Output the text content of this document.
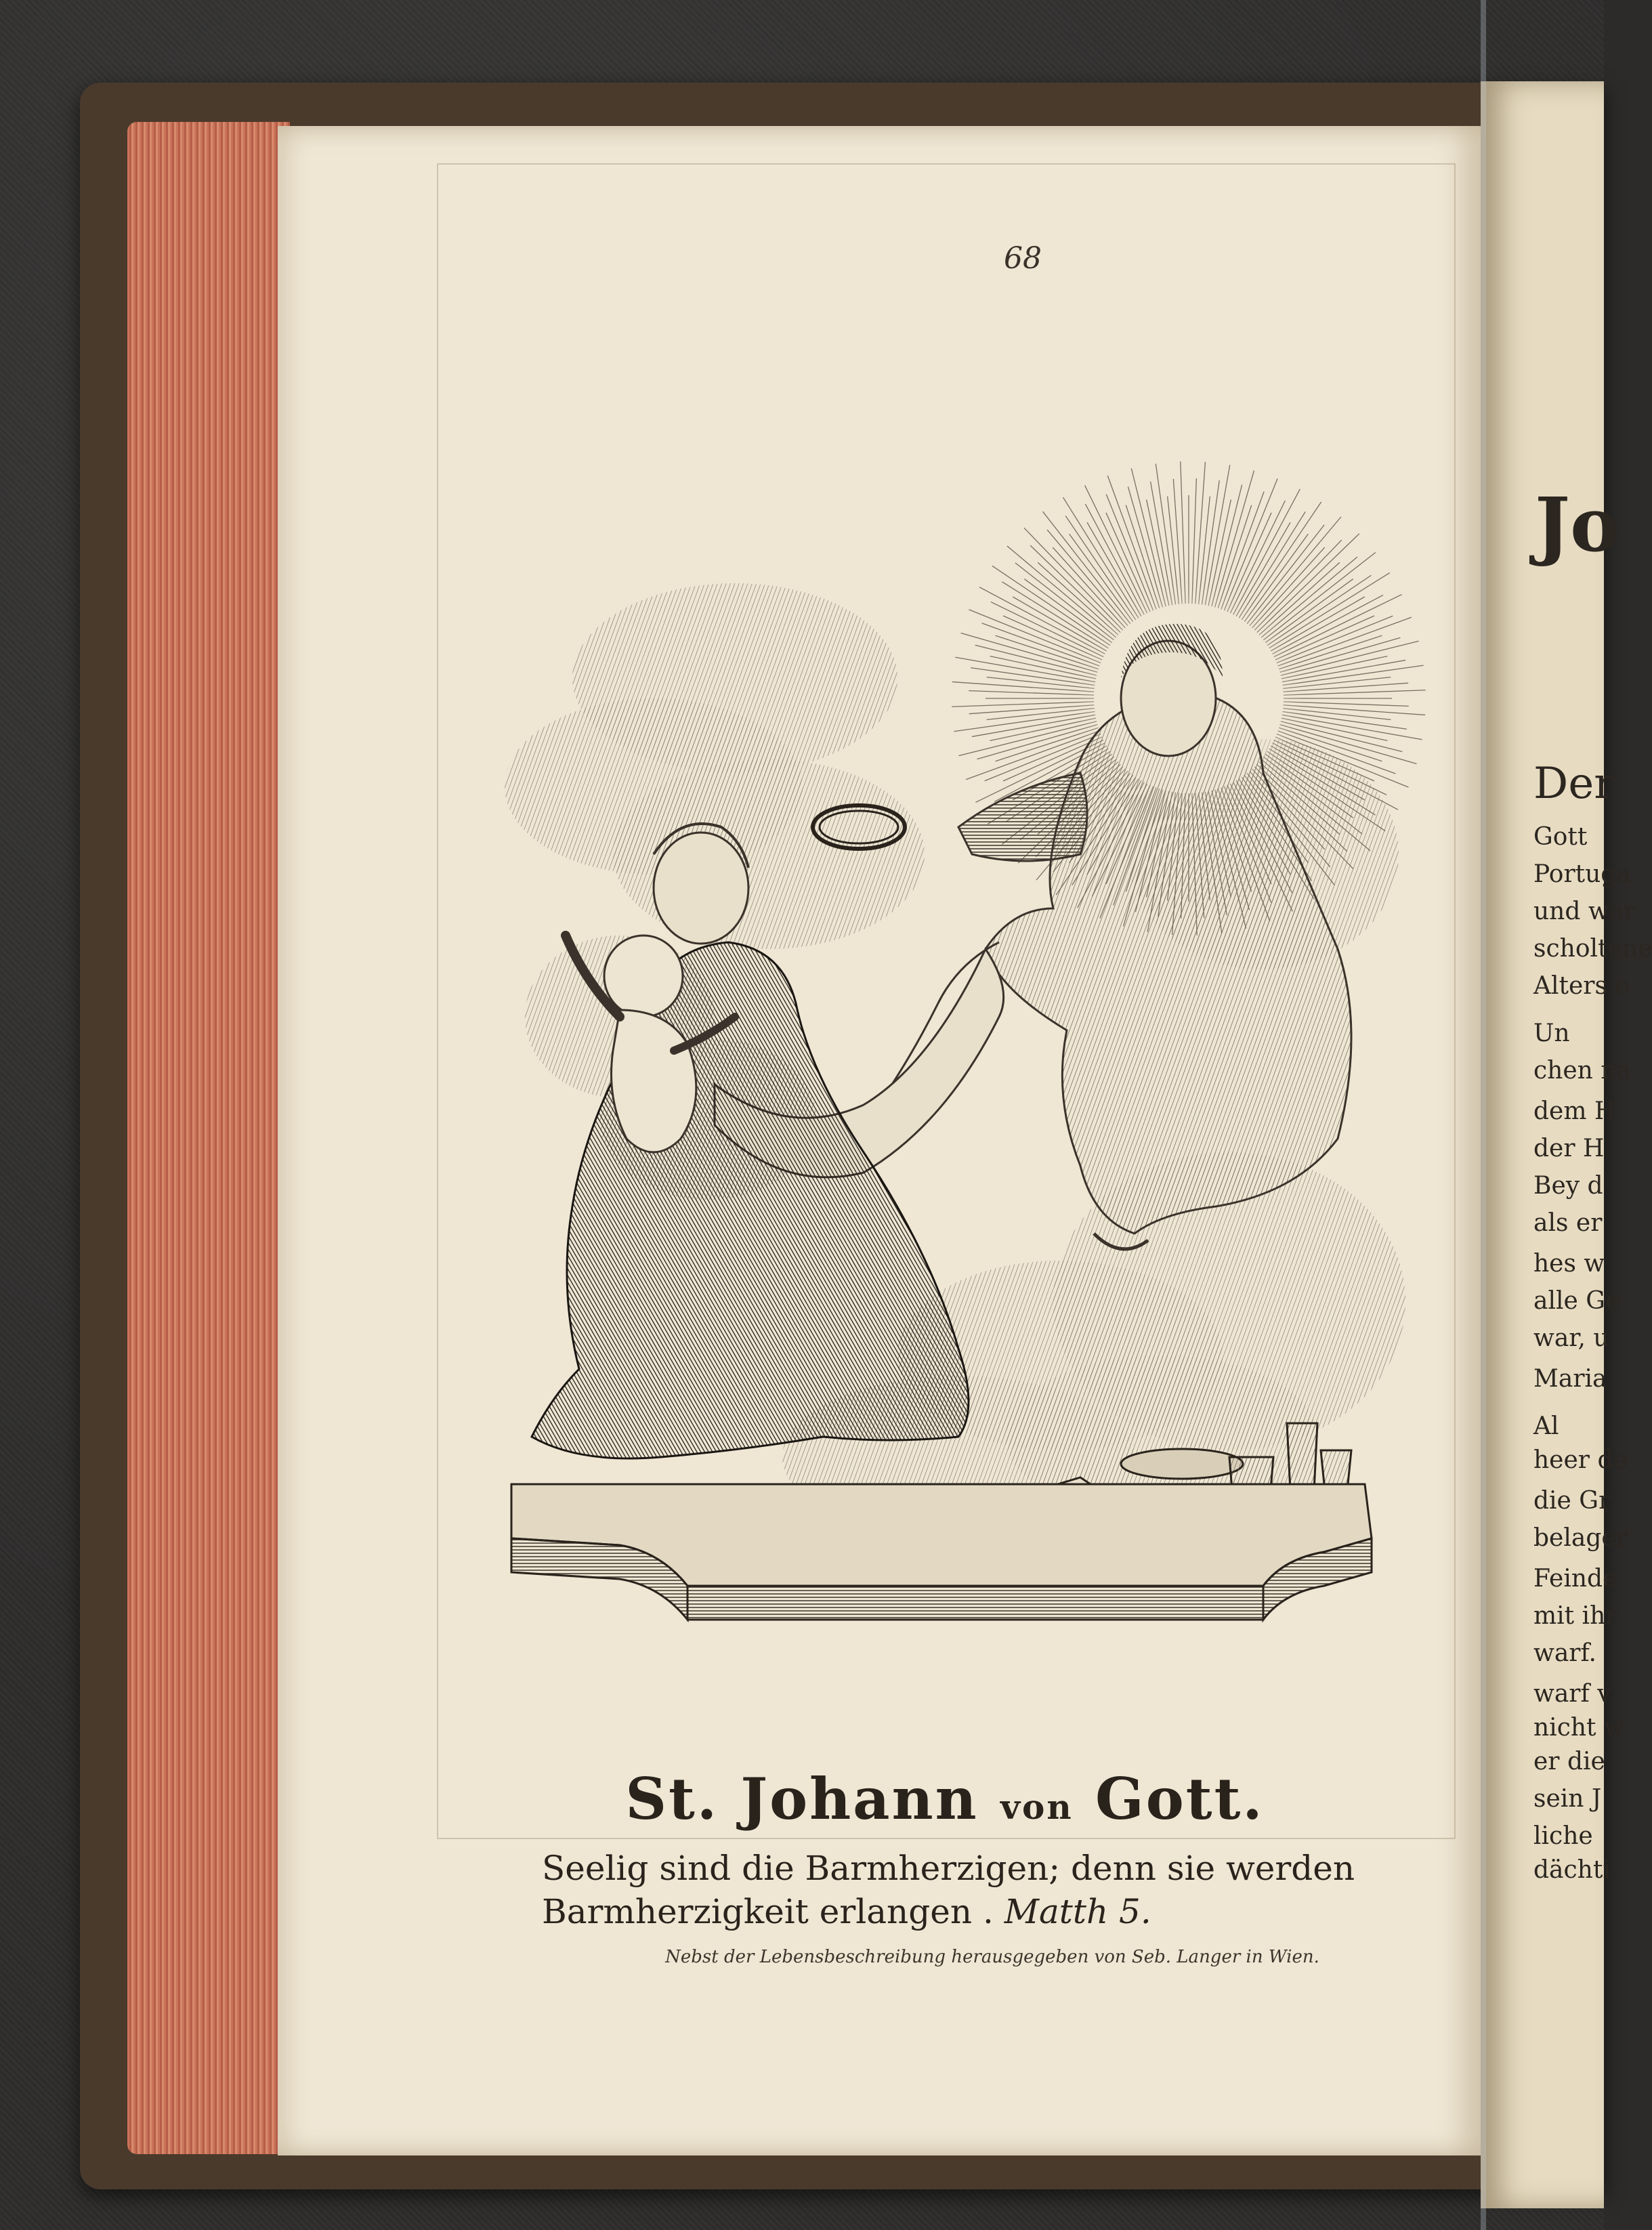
68
St. Johann von Gott.
Seelig sind die Barmherzigen; denn sie werden
Barmherzigkeit erlangen . Matth 5.
Nebst der Lebensbeschreibung herausgegeben von Seb. Langer in Wien.
Jo
Der
Gott
Portuga
und war
scholtene
Alters e
Un
chen na
dem H
der H
Bey d
als er
hes w
alle Ge
war, u
Maria
Al
heer de
die Gr
belager
Feinde
mit ihr
warf.
warf v
nicht w
er die
sein J
liche
dächti
